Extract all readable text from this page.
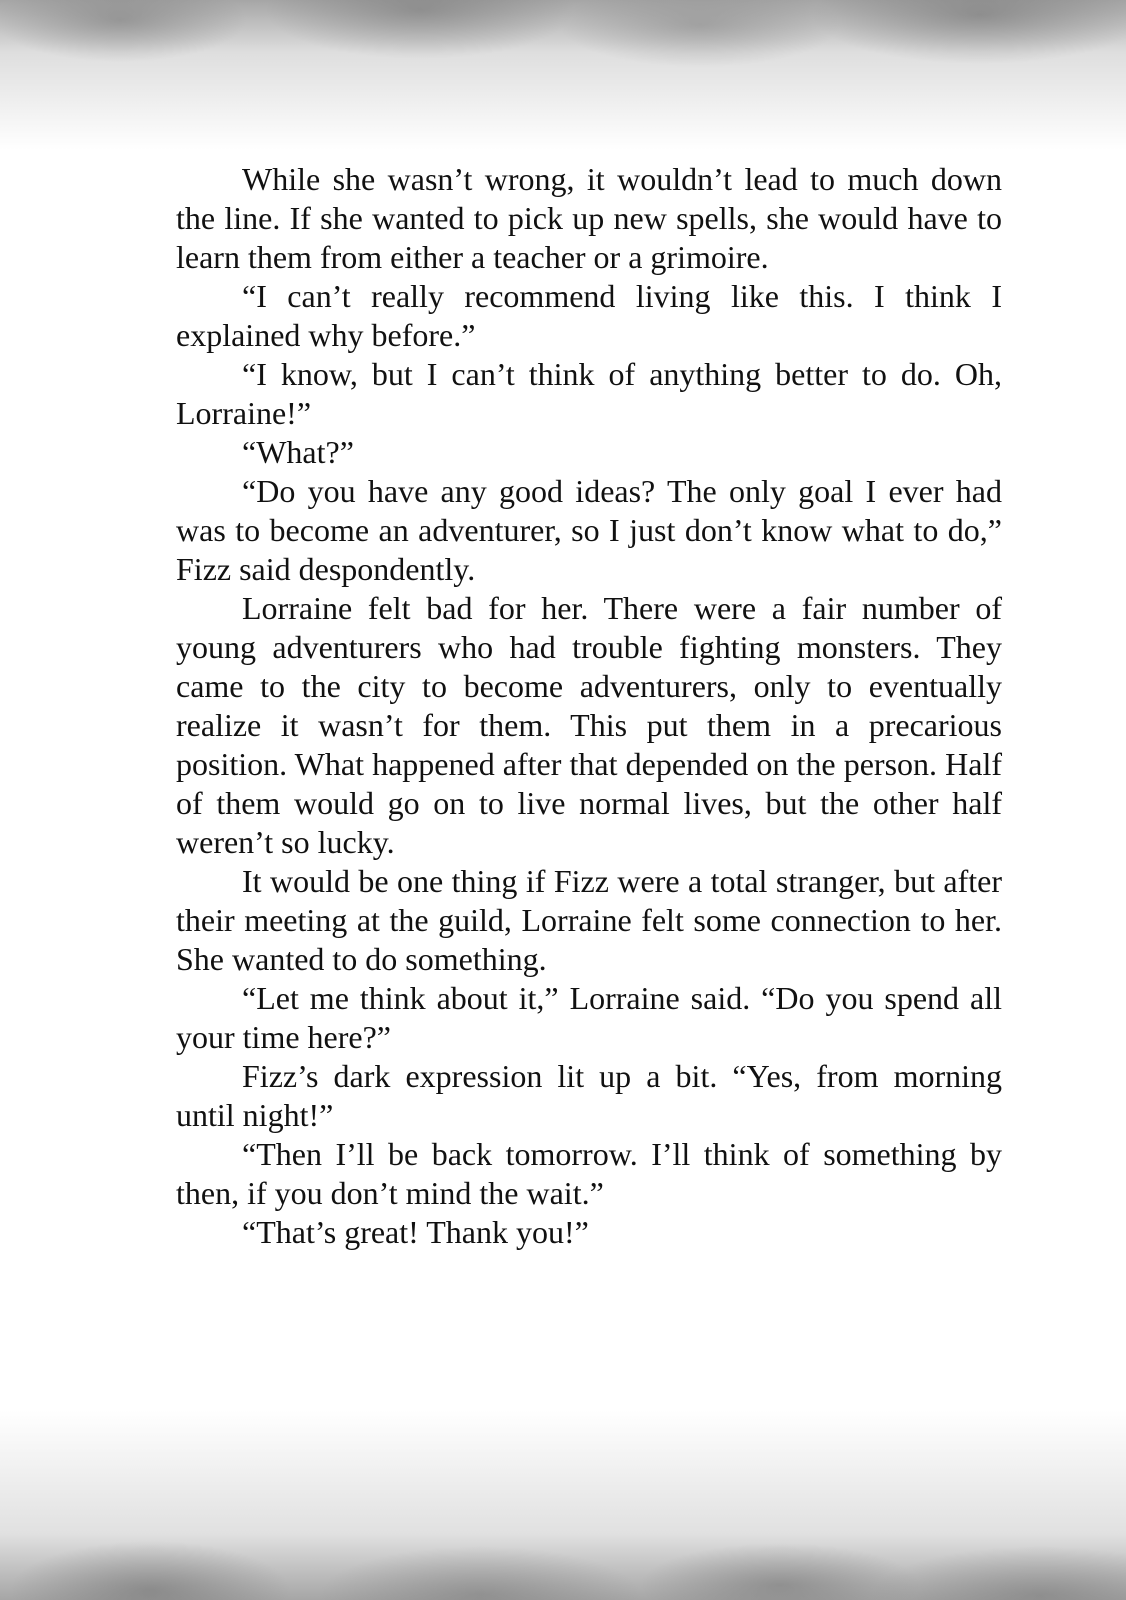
While she wasn’t wrong, it wouldn’t lead to much down the line. If she wanted to pick up new spells, she would have to learn them from either a teacher or a grimoire.

“I can’t really recommend living like this. I think I explained why before.”

“I know, but I can’t think of anything better to do. Oh, Lorraine!”

“What?”

“Do you have any good ideas? The only goal I ever had was to become an adventurer, so I just don’t know what to do,” Fizz said despondently.

Lorraine felt bad for her. There were a fair number of young adventurers who had trouble fighting monsters. They came to the city to become adventurers, only to eventually realize it wasn’t for them. This put them in a precarious position. What happened after that depended on the person. Half of them would go on to live normal lives, but the other half weren’t so lucky.

It would be one thing if Fizz were a total stranger, but after their meeting at the guild, Lorraine felt some connection to her. She wanted to do something.

“Let me think about it,” Lorraine said. “Do you spend all your time here?”

Fizz’s dark expression lit up a bit. “Yes, from morning until night!”

“Then I’ll be back tomorrow. I’ll think of something by then, if you don’t mind the wait.”

“That’s great! Thank you!”
